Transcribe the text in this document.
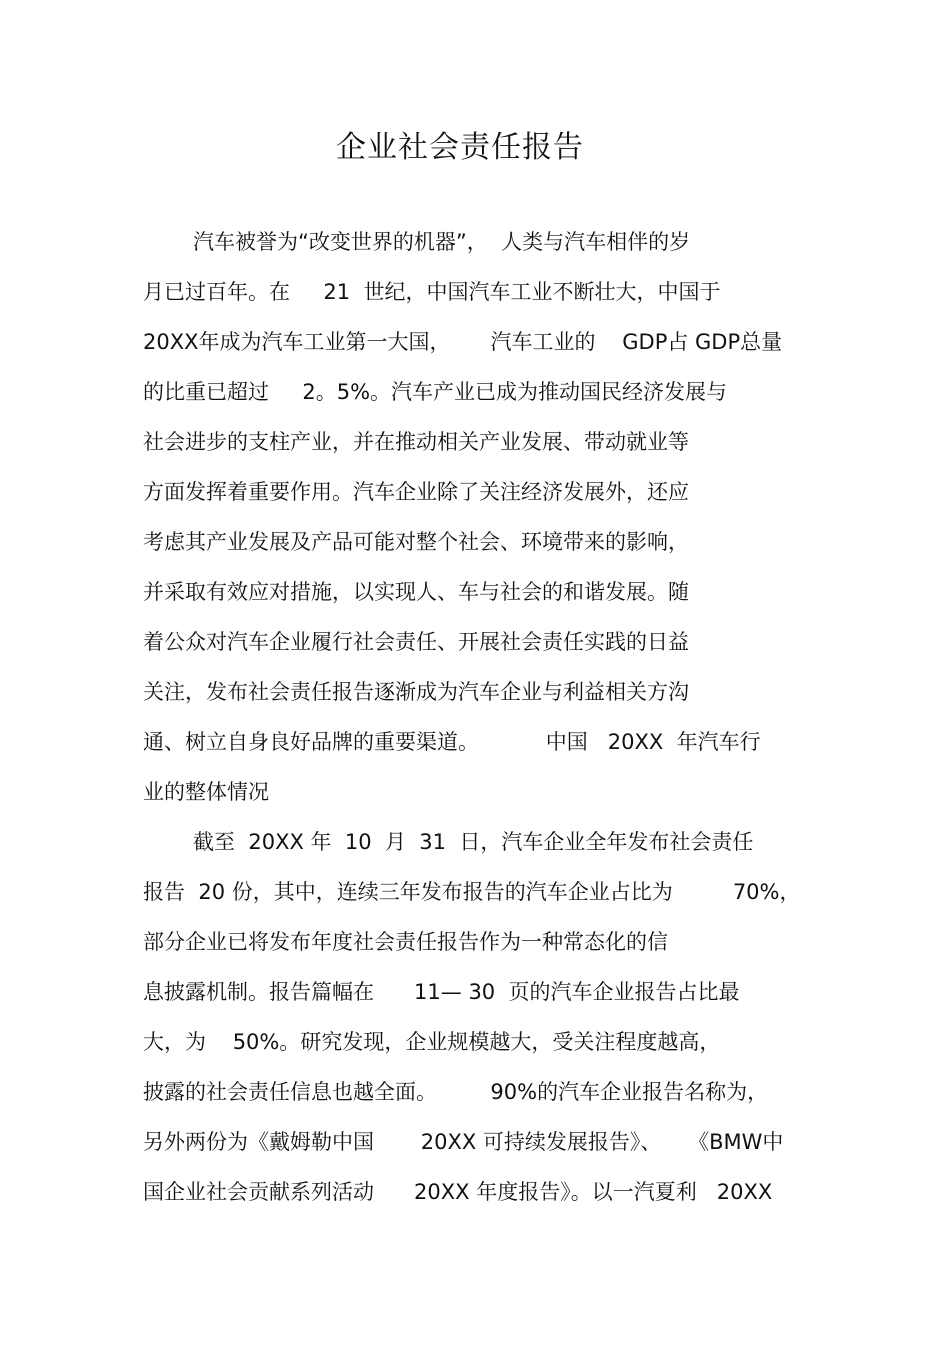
企业社会责任报告
汽车被誉为“改变世界的机器”，  人类与汽车相伴的岁
月已过百年。在     21  世纪，中国汽车工业不断壮大，中国于
20XX年成为汽车工业第一大国，      汽车工业的    GDP占 GDP总量
的比重已超过     2。5%。汽车产业已成为推动国民经济发展与
社会进步的支柱产业，并在推动相关产业发展、带动就业等
方面发挥着重要作用。汽车企业除了关注经济发展外，还应
考虑其产业发展及产品可能对整个社会、环境带来的影响，
并采取有效应对措施，以实现人、车与社会的和谐发展。随
着公众对汽车企业履行社会责任、开展社会责任实践的日益
关注，发布社会责任报告逐渐成为汽车企业与利益相关方沟
通、树立自身良好品牌的重要渠道。          中国   20XX  年汽车行
业的整体情况
截至  20XX 年  10  月  31  日，汽车企业全年发布社会责任
报告  20 份，其中，连续三年发布报告的汽车企业占比为         70%，
部分企业已将发布年度社会责任报告作为一种常态化的信
息披露机制。报告篇幅在      11— 30  页的汽车企业报告占比最
大，为    50%。研究发现，企业规模越大，受关注程度越高，
披露的社会责任信息也越全面。        90%的汽车企业报告名称为，
另外两份为《戴姆勒中国       20XX 可持续发展报告》、    《BMW中
国企业社会贡献系列活动      20XX 年度报告》。以一汽夏利   20XX
